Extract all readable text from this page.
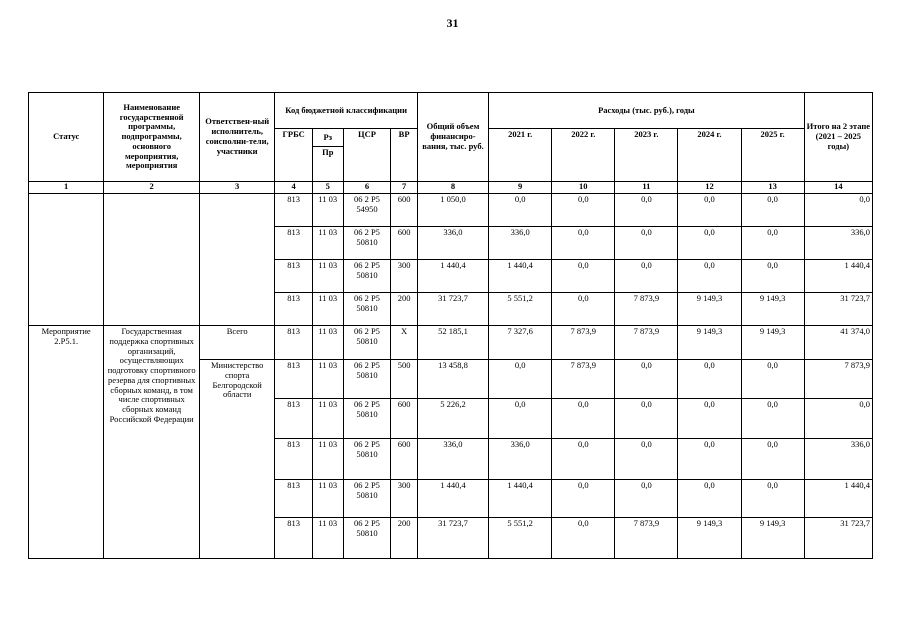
31
Статус	Наименование государственной программы, подпрограммы, основного мероприятия, мероприятия	Ответствен-ный исполнитель, соисполни-тели, участники	Код бюджетной классификации				Общий объем финансиро-вания, тыс. руб.	Расходы (тыс. руб.), годы					Итого на 2 этапе (2021 – 2025 годы)
			ГРБС	Рз	ЦСР	ВР		2021 г.	2022 г.	2023 г.	2024 г.	2025 г.	
				Пр									
1	2	3	4	5	6	7	8	9	10	11	12	13	14
			813	11 03	06 2 P5 54950	600	1 050,0	0,0	0,0	0,0	0,0	0,0	0,0
			813	11 03	06 2 P5 50810	600	336,0	336,0	0,0	0,0	0,0	0,0	336,0
			813	11 03	06 2 P5 50810	300	1 440,4	1 440,4	0,0	0,0	0,0	0,0	1 440,4
			813	11 03	06 2 P5 50810	200	31 723,7	5 551,2	0,0	7 873,9	9 149,3	9 149,3	31 723,7
Мероприятие 2.Р5.1.	Государственная поддержка спортивных организаций, осуществляющих подготовку спортивного резерва для спортивных сборных команд, в том числе спортивных сборных команд Российской Федерации	Всего	813	11 03	06 2 P5 50810	Х	52 185,1	7 327,6	7 873,9	7 873,9	9 149,3	9 149,3	41 374,0
		Министерство спорта Белгородской области	813	11 03	06 2 P5 50810	500	13 458,8	0,0	7 873,9	0,0	0,0	0,0	7 873,9
			813	11 03	06 2 P5 50810	600	5 226,2	0,0	0,0	0,0	0,0	0,0	0,0
			813	11 03	06 2 P5 50810	600	336,0	336,0	0,0	0,0	0,0	0,0	336,0
			813	11 03	06 2 P5 50810	300	1 440,4	1 440,4	0,0	0,0	0,0	0,0	1 440,4
			813	11 03	06 2 P5 50810	200	31 723,7	5 551,2	0,0	7 873,9	9 149,3	9 149,3	31 723,7
